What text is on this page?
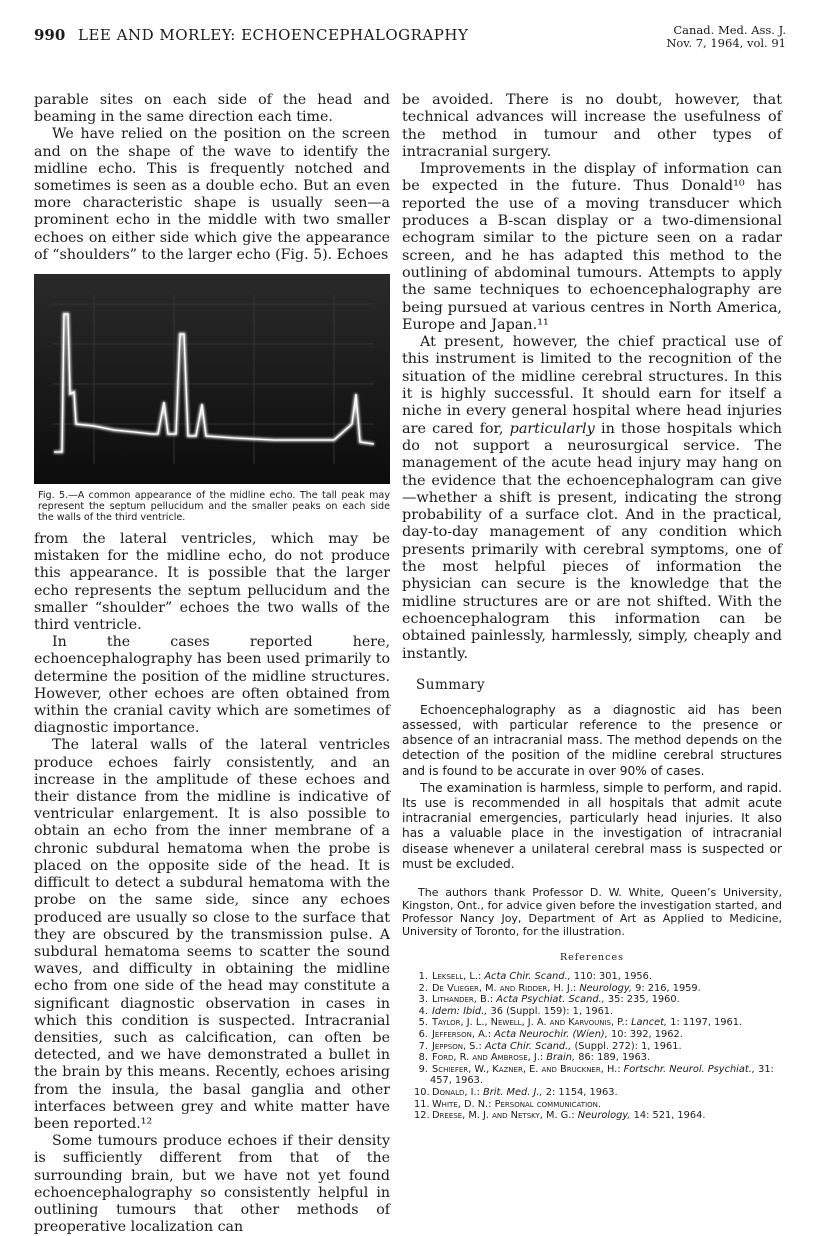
990 LEE AND MORLEY: ECHOENCEPHALOGRAPHY	Canad. Med. Ass. J.
Nov. 7, 1964, vol. 91

parable sites on each side of the head and beaming in the same direction each time.

We have relied on the position on the screen and on the shape of the wave to identify the midline echo. This is frequently notched and sometimes is seen as a double echo. But an even more characteristic shape is usually seen—a prominent echo in the middle with two smaller echoes on either side which give the appearance of “shoulders” to the larger echo (Fig. 5). Echoes

Fig. 5.—A common appearance of the midline echo. The tall peak may represent the septum pellucidum and the smaller peaks on each side the walls of the third ventricle.

from the lateral ventricles, which may be mistaken for the midline echo, do not produce this appearance. It is possible that the larger echo represents the septum pellucidum and the smaller “shoulder” echoes the two walls of the third ventricle.

In the cases reported here, echoencephalography has been used primarily to determine the position of the midline structures. However, other echoes are often obtained from within the cranial cavity which are sometimes of diagnostic importance.

The lateral walls of the lateral ventricles produce echoes fairly consistently, and an increase in the amplitude of these echoes and their distance from the midline is indicative of ventricular enlargement. It is also possible to obtain an echo from the inner membrane of a chronic subdural hematoma when the probe is placed on the opposite side of the head. It is difficult to detect a subdural hematoma with the probe on the same side, since any echoes produced are usually so close to the surface that they are obscured by the transmission pulse. A subdural hematoma seems to scatter the sound waves, and difficulty in obtaining the midline echo from one side of the head may constitute a significant diagnostic observation in cases in which this condition is suspected. Intracranial densities, such as calcification, can often be detected, and we have demonstrated a bullet in the brain by this means. Recently, echoes arising from the insula, the basal ganglia and other interfaces between grey and white matter have been reported.¹²

Some tumours produce echoes if their density is sufficiently different from that of the surrounding brain, but we have not yet found echoencephalography so consistently helpful in outlining tumours that other methods of preoperative localization can

be avoided. There is no doubt, however, that technical advances will increase the usefulness of the method in tumour and other types of intracranial surgery.

Improvements in the display of information can be expected in the future. Thus Donald¹⁰ has reported the use of a moving transducer which produces a B-scan display or a two-dimensional echogram similar to the picture seen on a radar screen, and he has adapted this method to the outlining of abdominal tumours. Attempts to apply the same techniques to echoencephalography are being pursued at various centres in North America, Europe and Japan.¹¹

At present, however, the chief practical use of this instrument is limited to the recognition of the situation of the midline cerebral structures. In this it is highly successful. It should earn for itself a niche in every general hospital where head injuries are cared for, particularly in those hospitals which do not support a neurosurgical service. The management of the acute head injury may hang on the evidence that the echoencephalogram can give—whether a shift is present, indicating the strong probability of a surface clot. And in the practical, day-to-day management of any condition which presents primarily with cerebral symptoms, one of the most helpful pieces of information the physician can secure is the knowledge that the midline structures are or are not shifted. With the echoencephalogram this information can be obtained painlessly, harmlessly, simply, cheaply and instantly.

Summary

Echoencephalography as a diagnostic aid has been assessed, with particular reference to the presence or absence of an intracranial mass. The method depends on the detection of the position of the midline cerebral structures and is found to be accurate in over 90% of cases.

The examination is harmless, simple to perform, and rapid. Its use is recommended in all hospitals that admit acute intracranial emergencies, particularly head injuries. It also has a valuable place in the investigation of intracranial disease whenever a unilateral cerebral mass is suspected or must be excluded.

The authors thank Professor D. W. White, Queen’s University, Kingston, Ont., for advice given before the investigation started, and Professor Nancy Joy, Department of Art as Applied to Medicine, University of Toronto, for the illustration.
References
1. Leksell, L.: Acta Chir. Scand., 110: 301, 1956.
2. De Vlieger, M. and Ridder, H. J.: Neurology, 9: 216, 1959.
3. Lithander, B.: Acta Psychiat. Scand., 35: 235, 1960.
4. Idem: Ibid., 36 (Suppl. 159): 1, 1961.
5. Taylor, J. L., Newell, J. A. and Karvounis, P.: Lancet, 1: 1197, 1961.
6. Jefferson, A.: Acta Neurochir. (Wien), 10: 392, 1962.
7. Jeppson, S.: Acta Chir. Scand., (Suppl. 272): 1, 1961.
8. Ford, R. and Ambrose, J.: Brain, 86: 189, 1963.
9. Schiefer, W., Kazner, E. and Bruckner, H.: Fortschr. Neurol. Psychiat., 31: 457, 1963.
10. Donald, I.: Brit. Med. J., 2: 1154, 1963.
11. White, D. N.: Personal communication.
12. Dreese, M. J. and Netsky, M. G.: Neurology, 14: 521, 1964.
